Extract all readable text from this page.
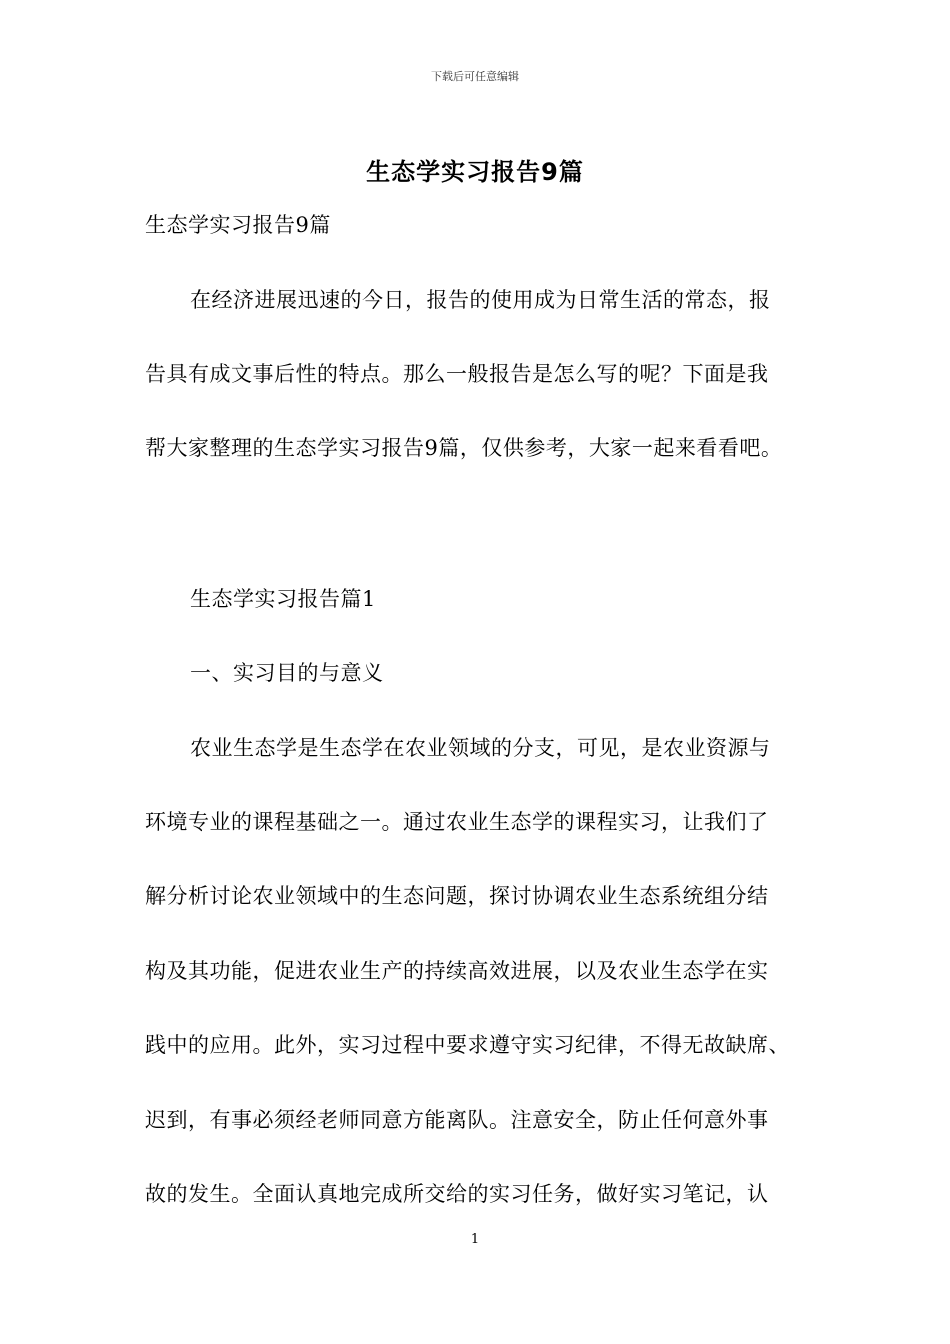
下载后可任意编辑
生态学实习报告9篇
生态学实习报告9篇
在经济进展迅速的今日，报告的使用成为日常生活的常态，报
告具有成文事后性的特点。那么一般报告是怎么写的呢？下面是我
帮大家整理的生态学实习报告9篇，仅供参考，大家一起来看看吧。
生态学实习报告篇1
一、实习目的与意义
农业生态学是生态学在农业领域的分支，可见，是农业资源与
环境专业的课程基础之一。通过农业生态学的课程实习，让我们了
解分析讨论农业领域中的生态问题，探讨协调农业生态系统组分结
构及其功能，促进农业生产的持续高效进展，以及农业生态学在实
践中的应用。此外，实习过程中要求遵守实习纪律，不得无故缺席、
迟到，有事必须经老师同意方能离队。注意安全，防止任何意外事
故的发生。全面认真地完成所交给的实习任务，做好实习笔记，认
1
